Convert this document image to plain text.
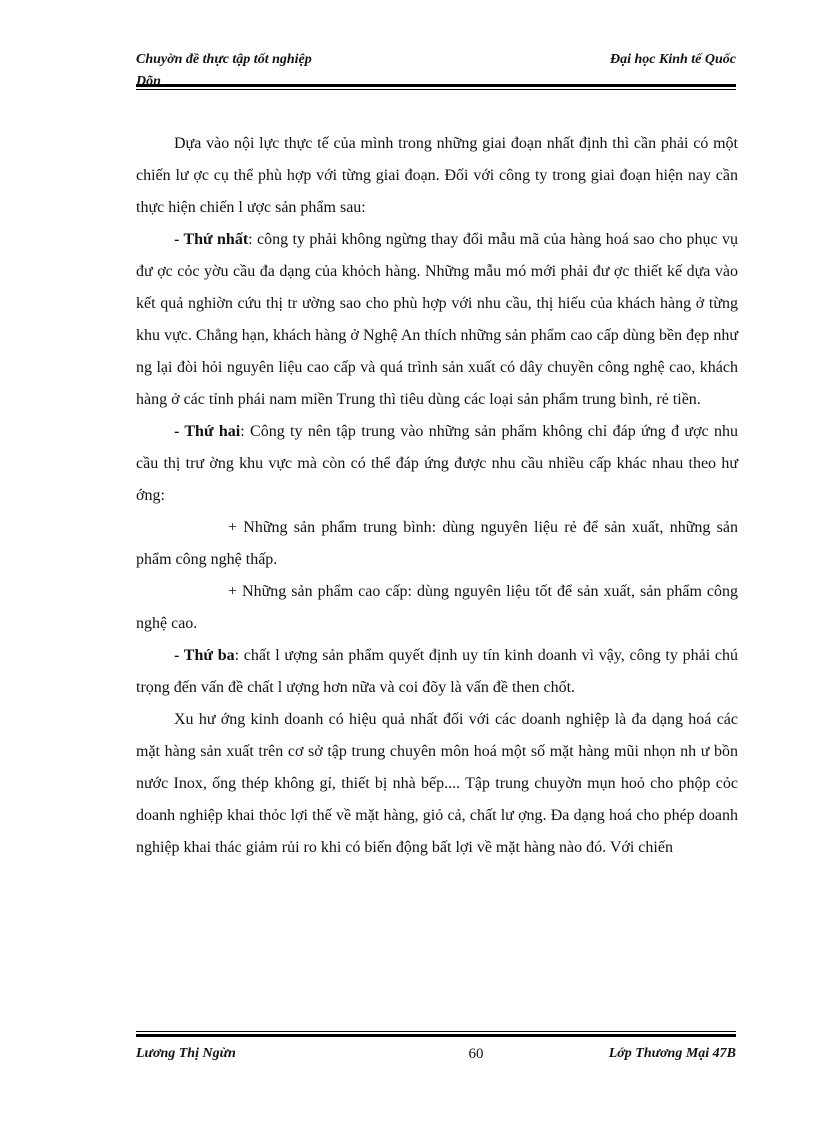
Chuyờn đề thực tập tốt nghiệp	Đại học Kinh tế Quốc
Dõn

Dựa vào nội lực thực tế của mình trong những giai đoạn nhất định thì cần phải có một chiến lư ợc cụ thể phù hợp với từng giai đoạn. Đối với công ty trong giai đoạn hiện nay cần thực hiện chiến l ược sản phẩm sau:

- Thứ nhất: công ty phải không ngừng thay đổi mẫu mã của hàng hoá sao cho phục vụ đư ợc cỏc yờu cầu đa dạng của khỏch hàng. Những mẫu mó mới phải đư ợc thiết kế dựa vào kết quả nghiờn cứu thị tr ường sao cho phù hợp với nhu cầu, thị hiếu của khách hàng ở từng khu vực. Chẳng hạn, khách hàng ở Nghệ An thích những sản phẩm cao cấp dùng bền đẹp như ng lại đòi hỏi nguyên liệu cao cấp và quá trình sản xuất có dây chuyền công nghệ cao, khách hàng ở các tỉnh phái nam miền Trung thì tiêu dùng các loại sản phẩm trung bình, rẻ tiền.

- Thứ hai: Công ty nên tập trung vào những sản phẩm không chỉ đáp ứng đ ược nhu cầu thị trư ờng khu vực mà còn có thể đáp ứng được nhu cầu nhiều cấp khác nhau theo hư ớng:

+ Những sản phẩm trung bình: dùng nguyên liệu rẻ để sản xuất, những sản phẩm công nghệ thấp.

+ Những sản phẩm cao cấp: dùng nguyên liệu tốt để sản xuất, sản phẩm công nghệ cao.

- Thứ ba: chất l ượng sản phẩm quyết định uy tín kinh doanh vì vậy, công ty phải chú trọng đến vấn đề chất l ượng hơn nữa và coi đõy là vấn đề then chốt.

Xu hư ớng kinh doanh có hiệu quả nhất đối với các doanh nghiệp là đa dạng hoá các mặt hàng sản xuất trên cơ sở tập trung chuyên môn hoá một số mặt hàng mũi nhọn nh ư bồn nước Inox, ống thép không gỉ, thiết bị nhà bếp.... Tập trung chuyờn mụn hoỏ cho phộp cỏc doanh nghiệp khai thỏc lợi thế về mặt hàng, giỏ cả, chất lư ợng. Đa dạng hoá cho phép doanh nghiệp khai thác giảm rủi ro khi có biến động bất lợi về mặt hàng nào đó. Với chiến

Lương Thị Ngừn	60	Lớp Thương Mại 47B
